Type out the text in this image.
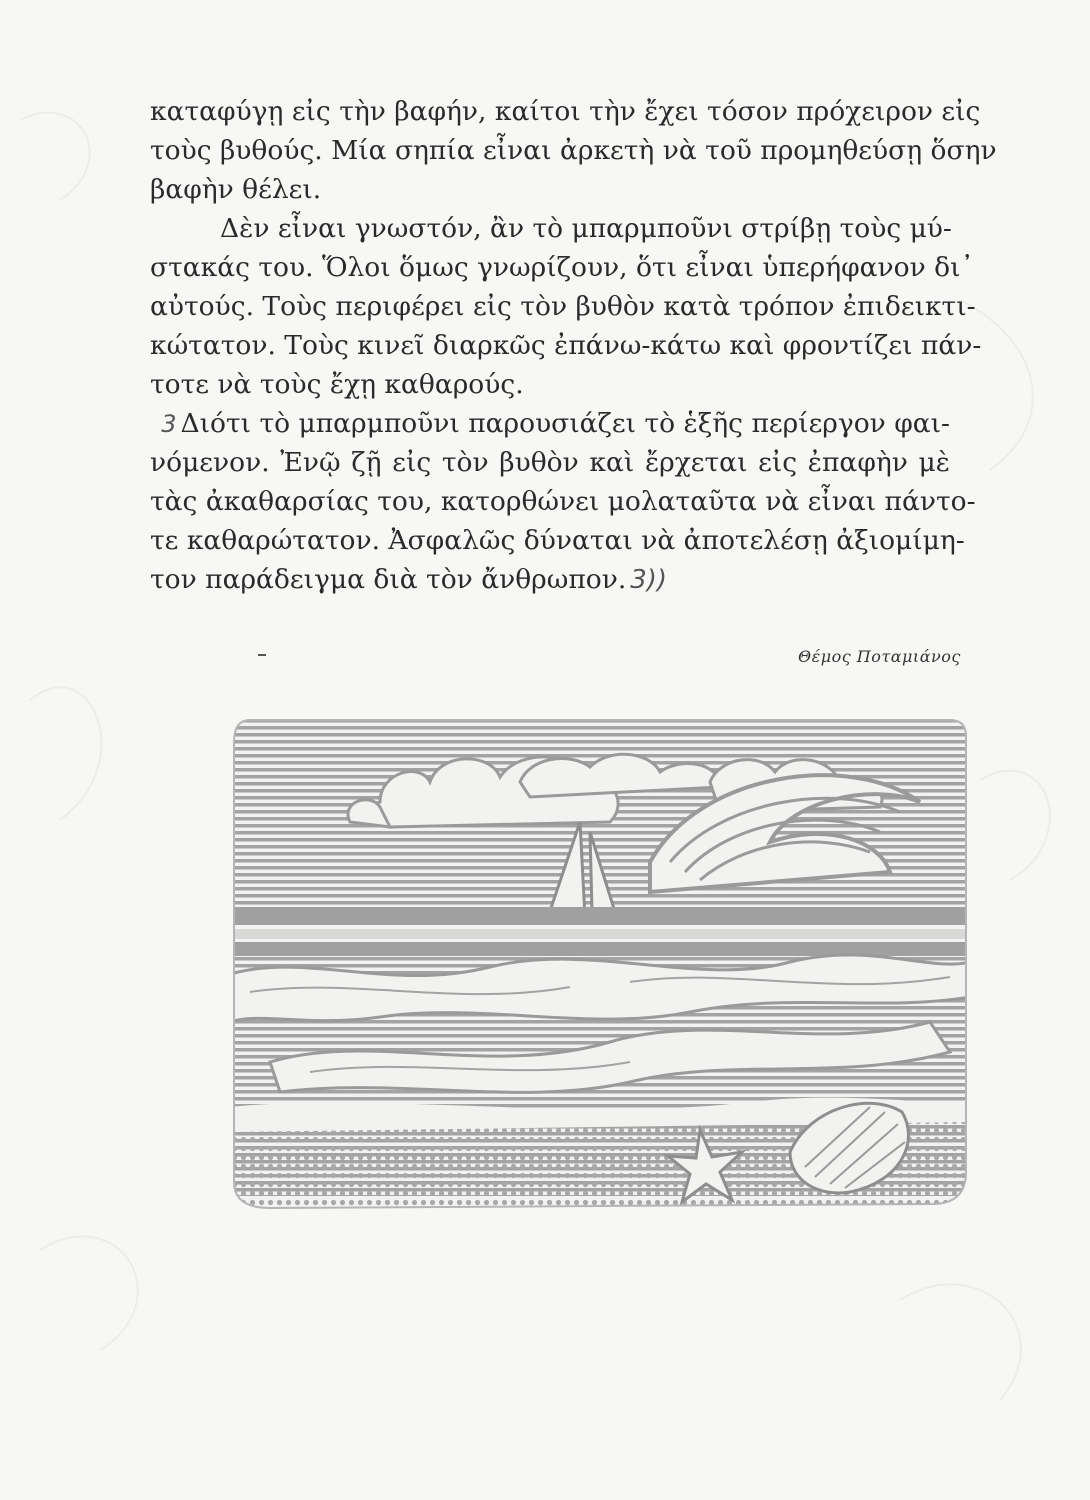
καταφύγῃ εἰς τὴν βαφήν, καίτοι τὴν ἔχει τόσον πρόχειρον εἰς
τοὺς βυθούς. Μία σηπία εἶναι ἀρκετὴ νὰ τοῦ προμηθεύσῃ ὅσην
βαφὴν θέλει.
Δὲν εἶναι γνωστόν, ἂν τὸ μπαρμποῦνι στρίβῃ τοὺς μύ-
στακάς του. Ὅλοι ὅμως γνωρίζουν, ὅτι εἶναι ὑπερήφανον δι᾿
αὐτούς. Τοὺς περιφέρει εἰς τὸν βυθὸν κατὰ τρόπον ἐπιδεικτι-
κώτατον. Τοὺς κινεῖ διαρκῶς ἐπάνω-κάτω καὶ φροντίζει πάν-
τοτε νὰ τοὺς ἔχῃ καθαρούς.
3 Διότι τὸ μπαρμποῦνι παρουσιάζει τὸ ἑξῆς περίεργον φαι-
νόμενον. Ἐνῷ ζῇ εἰς τὸν βυθὸν καὶ ἔρχεται εἰς ἐπαφὴν μὲ
τὰς ἀκαθαρσίας του, κατορθώνει μολαταῦτα νὰ εἶναι πάντο-
τε καθαρώτατον. Ἀσφαλῶς δύναται νὰ ἀποτελέσῃ ἀξιομίμη-
τον παράδειγμα διὰ τὸν ἄνθρωπον. 3))
Θέμος Ποταμιάνος
